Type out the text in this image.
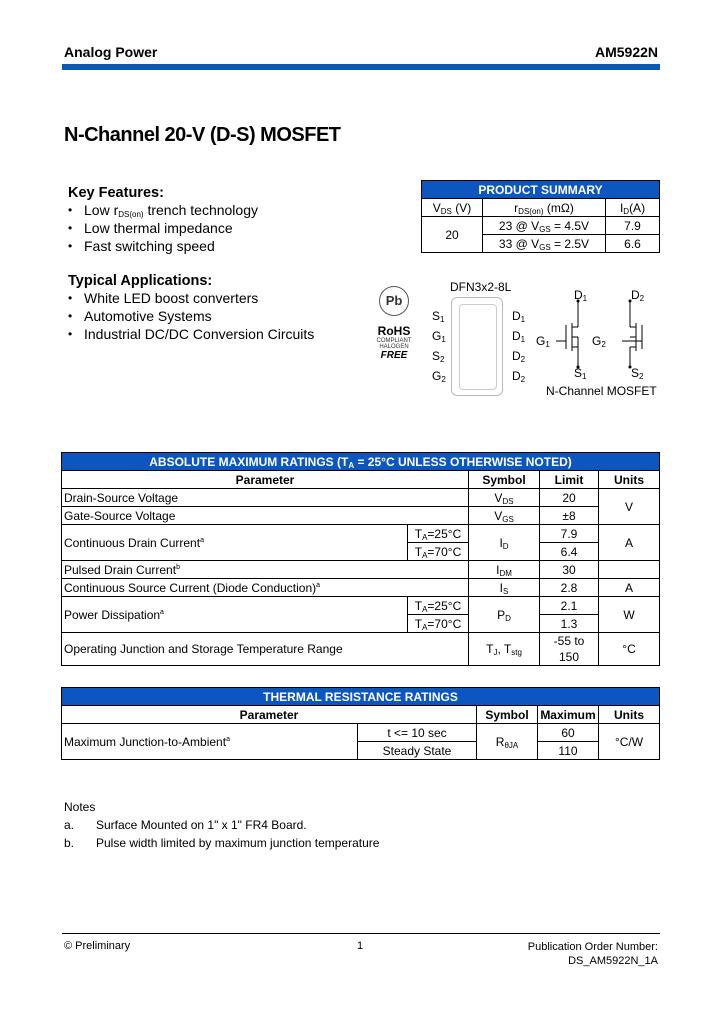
Analog Power	AM5922N
N-Channel 20-V (D-S) MOSFET
Key Features:
• Low $r_{DS(on)}$ trench technology
• Low thermal impedance
• Fast switching speed
Typical Applications:
• White LED boost converters
• Automotive Systems
• Industrial DC/DC Conversion Circuits
PRODUCT SUMMARY		
$V_{DS}$ (V)	$r_{DS(on)}$ (mΩ)	$I_D(A)$
20	23 @ $V_{GS} = 4.5V$	7.9
	33 @ $V_{GS} = 2.5V$	6.6
Pb
RoHS
COMPLIANT
HALOGEN
FREE
DFN3x2-8L
$S_1$
$G_1$
$S_2$
$G_2$
$D_1$
$D_1$
$D_2$
$D_2$
$D_1$	$D_2$
$G_1$	$G_2$
$S_1$	$S_2$
N-Channel MOSFET
ABSOLUTE MAXIMUM RATINGS ($T_A = 25^\circ C$ UNLESS OTHERWISE NOTED)				
Parameter		Symbol	Limit	Units
Drain-Source Voltage		$V_{DS}$	20	V
Gate-Source Voltage		$V_{GS}$	±8	
Continuous Drain Current$^a$	$T_A=25^\circ C$	$I_D$	7.9	A
	$T_A=70^\circ C$		6.4	
Pulsed Drain Current$^b$		$I_{DM}$	30	
Continuous Source Current (Diode Conduction)$^a$		$I_S$	2.8	A
Power Dissipation$^a$	$T_A=25^\circ C$	$P_D$	2.1	W
	$T_A=70^\circ C$		1.3	
Operating Junction and Storage Temperature Range		$T_J$, $T_{stg}$	-55 to 150	°C
THERMAL RESISTANCE RATINGS				
Parameter		Symbol	Maximum	Units
Maximum Junction-to-Ambient$^a$	t <= 10 sec	$R_{\theta JA}$	60	°C/W
	Steady State		110	
Notes
a. Surface Mounted on 1" x 1" FR4 Board.
b. Pulse width limited by maximum junction temperature
© Preliminary	1	Publication Order Number:
DS_AM5922N_1A
